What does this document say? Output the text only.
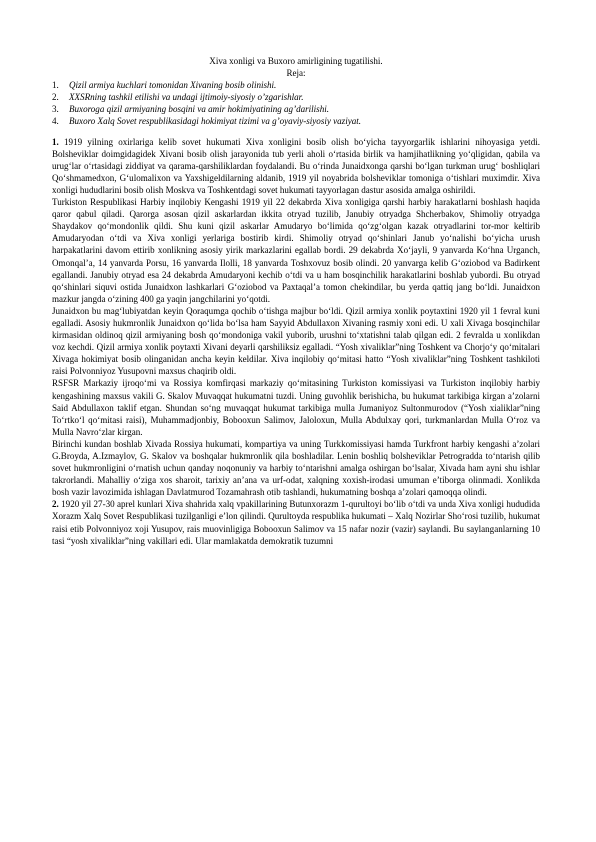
Xiva xonligi va Buxoro amirligining tugatilishi.

Reja:

1. Qizil armiya kuchlari tomonidan Xivaning bosib olinishi.
2. XXSRning tashkil etilishi va undagi ijtimoiy-siyosiy o’zgarishlar.
3. Buxoroga qizil armiyaning bosqini va amir hokimiyatining ag’darilishi.
4. Buxoro Xalq Sovet respublikasidagi hokimiyat tizimi va g’oyaviy-siyosiy vaziyat.

1. 1919 yilning oxirlariga kelib sovet hukumati Xiva xonligini bosib olish bo‘yicha tayyorgarlik ishlarini nihoyasiga yetdi. Bolsheviklar doimgidagidek Xivani bosib olish jarayonida tub yerli aholi o‘rtasida birlik va hamjihatlikning yo‘qligidan, qabila va urug‘lar o‘rtasidagi ziddiyat va qarama-qarshiliklardan foydalandi. Bu o‘rinda Junaidxonga qarshi bo‘lgan turkman urug‘ boshliqlari Qo‘shmamedxon, G‘ulomalixon va Yaxshigeldilarning aldanib, 1919 yil noyabrida bolsheviklar tomoniga o‘tishlari muximdir. Xiva xonligi hududlarini bosib olish Moskva va Toshkentdagi sovet hukumati tayyorlagan dastur asosida amalga oshirildi.

Turkiston Respublikasi Harbiy inqilobiy Kengashi 1919 yil 22 dekabrda Xiva xonligiga qarshi harbiy harakatlarni boshlash haqida qaror qabul qiladi. Qarorga asosan qizil askarlardan ikkita otryad tuzilib, Janubiy otryadga Shcherbakov, Shimoliy otryadga Shaydakov qo‘mondonlik qildi. Shu kuni qizil askarlar Amudaryo bo‘limida qo‘zg‘olgan kazak otryadlarini tor-mor keltirib Amudaryodan o‘tdi va Xiva xonligi yerlariga bostirib kirdi. Shimoliy otryad qo‘shinlari Janub yo‘nalishi bo‘yicha urush harpakatlarini davom ettirib xonlikning asosiy yirik markazlarini egallab bordi. 29 dekabrda Xo‘jayli, 9 yanvarda Ko‘hna Urganch, Omonqal’a, 14 yanvarda Porsu, 16 yanvarda Ilolli, 18 yanvarda Toshxovuz bosib olindi. 20 yanvarga kelib G‘oziobod va Badirkent egallandi. Janubiy otryad esa 24 dekabrda Amudaryoni kechib o‘tdi va u ham bosqinchilik harakatlarini boshlab yubordi. Bu otryad qo‘shinlari siquvi ostida Junaidxon lashkarlari G‘oziobod va Paxtaqal’a tomon chekindilar, bu yerda qattiq jang bo‘ldi. Junaidxon mazkur jangda o‘zining 400 ga yaqin jangchilarini yo‘qotdi.

Junaidxon bu mag‘lubiyatdan keyin Qoraqumga qochib o‘tishga majbur bo‘ldi. Qizil armiya xonlik poytaxtini 1920 yil 1 fevral kuni egalladi. Asosiy hukmronlik Junaidxon qo‘lida bo‘lsa ham Sayyid Abdullaxon Xivaning rasmiy xoni edi. U xali Xivaga bosqinchilar kirmasidan oldinoq qizil armiyaning bosh qo‘mondoniga vakil yuborib, urushni to‘xtatishni talab qilgan edi. 2 fevralda u xonlikdan voz kechdi. Qizil armiya xonlik poytaxti Xivani deyarli qarshiliksiz egalladi. “Yosh xivaliklar”ning Toshkent va Chorjo‘y qo‘mitalari Xivaga hokimiyat bosib olinganidan ancha keyin keldilar. Xiva inqilobiy qo‘mitasi hatto “Yosh xivaliklar”ning Toshkent tashkiloti raisi Polvonniyoz Yusupovni maxsus chaqirib oldi.

RSFSR Markaziy ijroqo‘mi va Rossiya komfirqasi markaziy qo‘mitasining Turkiston komissiyasi va Turkiston inqilobiy harbiy kengashining maxsus vakili G. Skalov Muvaqqat hukumatni tuzdi. Uning guvohlik berishicha, bu hukumat tarkibiga kirgan a’zolarni Said Abdullaxon taklif etgan. Shundan so‘ng muvaqqat hukumat tarkibiga mulla Jumaniyoz Sultonmurodov (“Yosh xialiklar”ning To‘rtko‘l qo‘mitasi raisi), Muhammadjonbiy, Bobooxun Salimov, Jaloloxun, Mulla Abdulxay qori, turkmanlardan Mulla O‘roz va Mulla Navro‘zlar kirgan.

Birinchi kundan boshlab Xivada Rossiya hukumati, kompartiya va uning Turkkomissiyasi hamda Turkfront harbiy kengashi a’zolari G.Broyda, A.Izmaylov, G. Skalov va boshqalar hukmronlik qila boshladilar. Lenin boshliq bolsheviklar Petrogradda to‘ntarish qilib sovet hukmronligini o‘rnatish uchun qanday noqonuniy va harbiy to‘ntarishni amalga oshirgan bo‘lsalar, Xivada ham ayni shu ishlar takrorlandi. Mahalliy o‘ziga xos sharoit, tarixiy an’ana va urf-odat, xalqning xoxish-irodasi umuman e’tiborga olinmadi. Xonlikda bosh vazir lavozimida ishlagan Davlatmurod Tozamahrash otib tashlandi, hukumatning boshqa a’zolari qamoqqa olindi.

2. 1920 yil 27-30 aprel kunlari Xiva shahrida xalq vpakillarining Butunxorazm 1-qurultoyi bo‘lib o‘tdi va unda Xiva xonligi hududida Xorazm Xalq Sovet Respublikasi tuzilganligi e’lon qilindi. Qurultoyda respublika hukumati – Xalq Nozirlar Sho‘rosi tuzilib, hukumat raisi etib Polvonniyoz xoji Yusupov, rais muovinligiga Bobooxun Salimov va 15 nafar nozir (vazir) saylandi. Bu saylanganlarning 10 tasi “yosh xivaliklar”ning vakillari edi. Ular mamlakatda demokratik tuzumni
